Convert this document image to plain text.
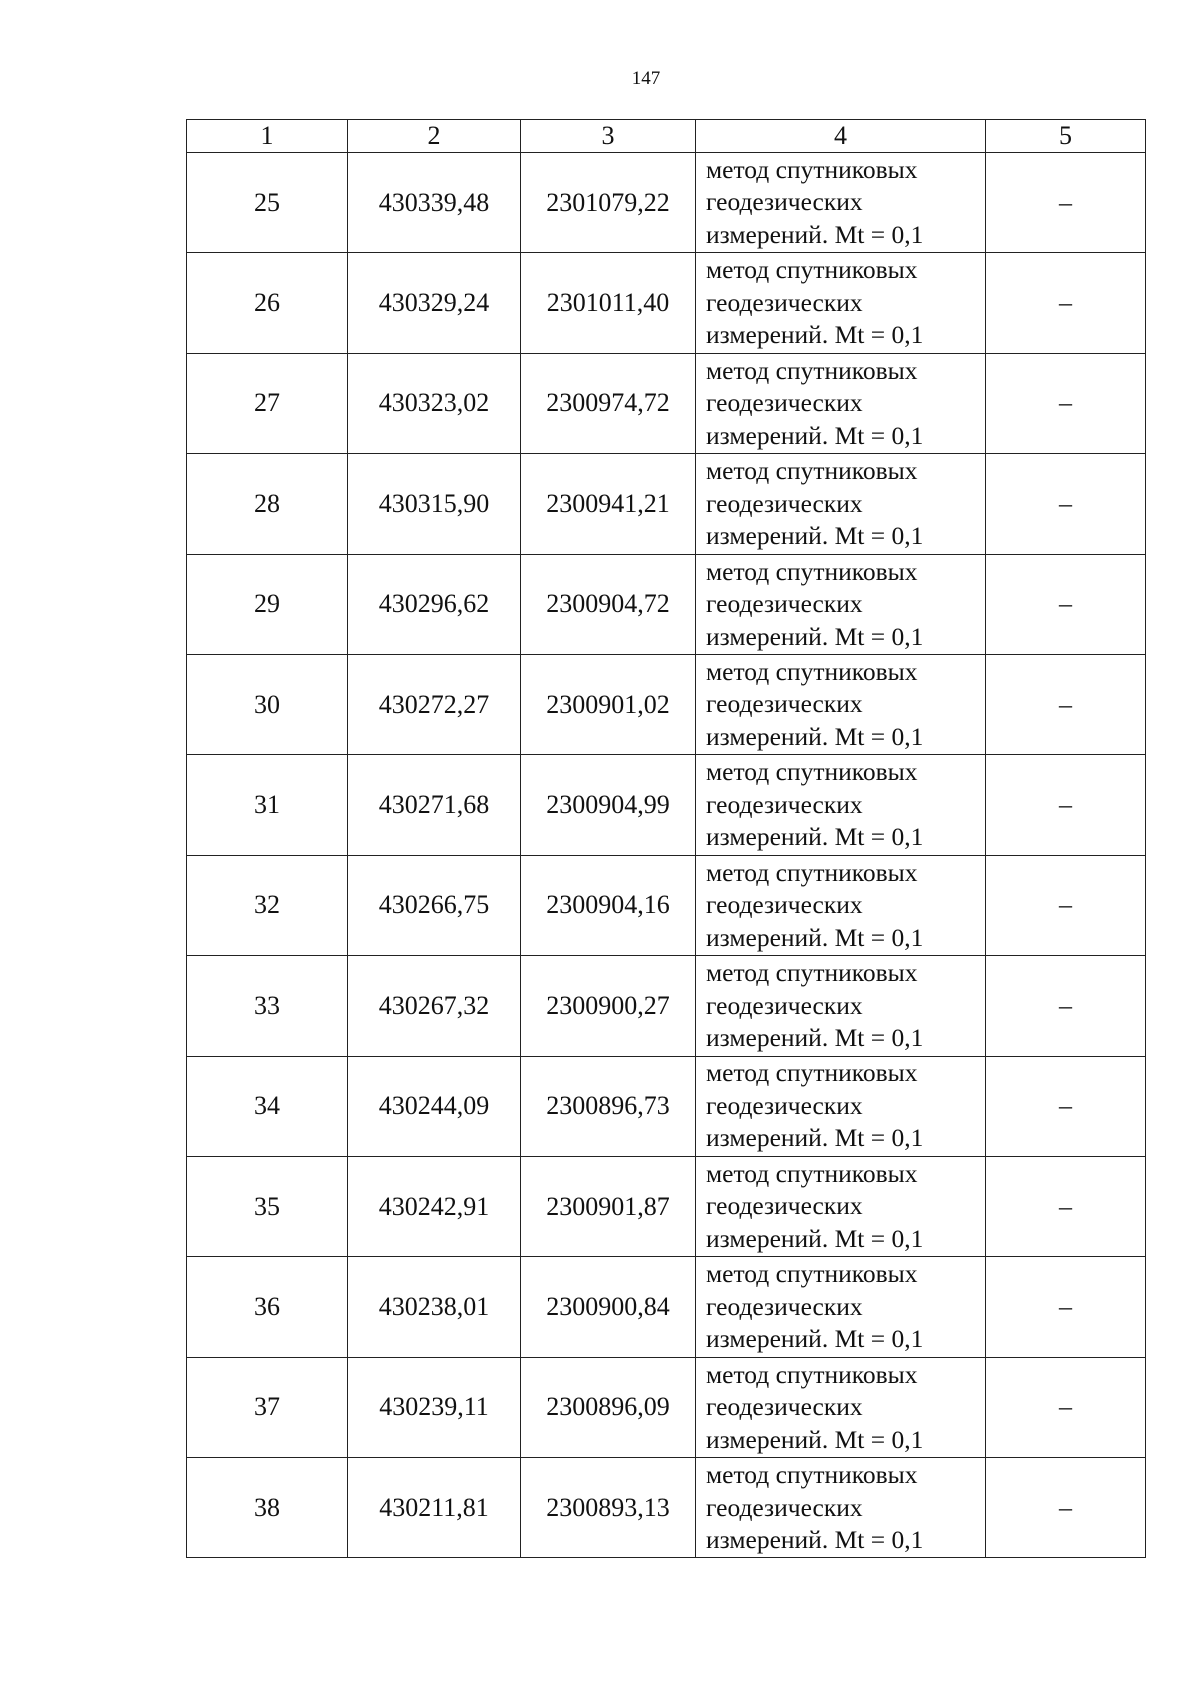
147
1	2	3	4	5
25	430339,48	2301079,22	метод спутниковых
геодезических
измерений. Mt = 0,1	–
26	430329,24	2301011,40	метод спутниковых
геодезических
измерений. Mt = 0,1	–
27	430323,02	2300974,72	метод спутниковых
геодезических
измерений. Mt = 0,1	–
28	430315,90	2300941,21	метод спутниковых
геодезических
измерений. Mt = 0,1	–
29	430296,62	2300904,72	метод спутниковых
геодезических
измерений. Mt = 0,1	–
30	430272,27	2300901,02	метод спутниковых
геодезических
измерений. Mt = 0,1	–
31	430271,68	2300904,99	метод спутниковых
геодезических
измерений. Mt = 0,1	–
32	430266,75	2300904,16	метод спутниковых
геодезических
измерений. Mt = 0,1	–
33	430267,32	2300900,27	метод спутниковых
геодезических
измерений. Mt = 0,1	–
34	430244,09	2300896,73	метод спутниковых
геодезических
измерений. Mt = 0,1	–
35	430242,91	2300901,87	метод спутниковых
геодезических
измерений. Mt = 0,1	–
36	430238,01	2300900,84	метод спутниковых
геодезических
измерений. Mt = 0,1	–
37	430239,11	2300896,09	метод спутниковых
геодезических
измерений. Mt = 0,1	–
38	430211,81	2300893,13	метод спутниковых
геодезических
измерений. Mt = 0,1	–
